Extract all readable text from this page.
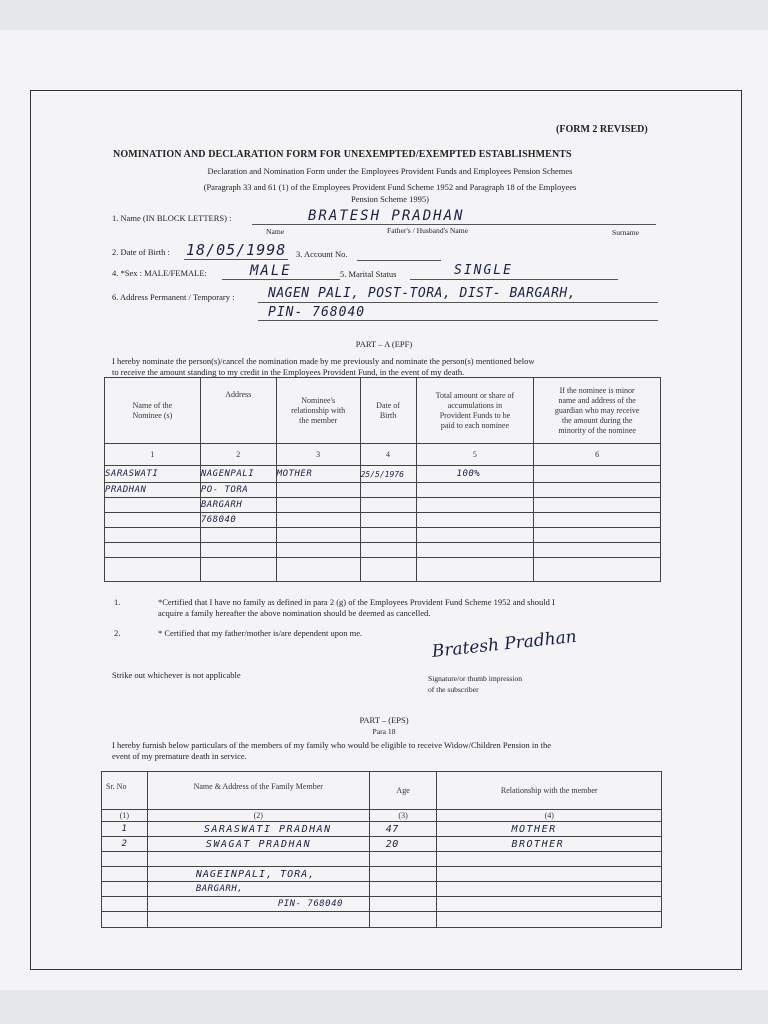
(FORM 2 REVISED)
NOMINATION AND DECLARATION FORM FOR UNEXEMPTED/EXEMPTED ESTABLISHMENTS
Declaration and Nomination Form under the Employees Provident Funds and Employees Pension Schemes
(Paragraph 33 and 61 (1) of the Employees Provident Fund Scheme 1952 and Paragraph 18 of the Employees
Pension Scheme 1995)
1. Name (IN BLOCK LETTERS) :	BRATESH PRADHAN
Name	Father's / Husband's Name	Surname
2. Date of Birth : 18/05/1998 3. Account No.
4. *Sex : MALE/FEMALE:	MALE	5. Marital Status	SINGLE
6. Address Permanent / Temporary :	NAGEN PALI, POST-TORA, DIST- BARGARH,
PIN- 768040
PART – A (EPF)
I hereby nominate the person(s)/cancel the nomination made by me previously and nominate the person(s) mentioned below
to receive the amount standing to my credit in the Employees Provident Fund, in the event of my death.
Name of the
Nominee (s)	Address	Nominee's
relationship with
the member	Date of
Birth	Total amount or share of
accumulations in
Provident Funds to be
paid to each nominee	If the nominee is minor
name and address of the
guardian who may receive
the amount during the
minority of the nominee
1	2	3	4	5	6
SARASWATI	NAGENPALI	MOTHER	25/5/1976	100%	
PRADHAN	PO- TORA				
	BARGARH				
	768040				

1.	*Certified that I have no family as defined in para 2 (g) of the Employees Provident Fund Scheme 1952 and should I
acquire a family hereafter the above nomination should be deemed as cancelled.
2.	* Certified that my father/mother is/are dependent upon me.
Strike out whichever is not applicable
Bratesh Pradhan
Signature/or thumb impression
of the subscriber
PART – (EPS)
Para 18
I hereby furnish below particulars of the members of my family who would be eligible to receive Widow/Children Pension in the
event of my premature death in service.
Sr. No	Name & Address of the Family Member	Age	Relationship with the member
(1)	(2)	(3)	(4)
1	SARASWATI PRADHAN	47	MOTHER
2	SWAGAT PRADHAN	20	BROTHER

	NAGEINPALI, TORA,		
	BARGARH,		
	PIN- 768040		
